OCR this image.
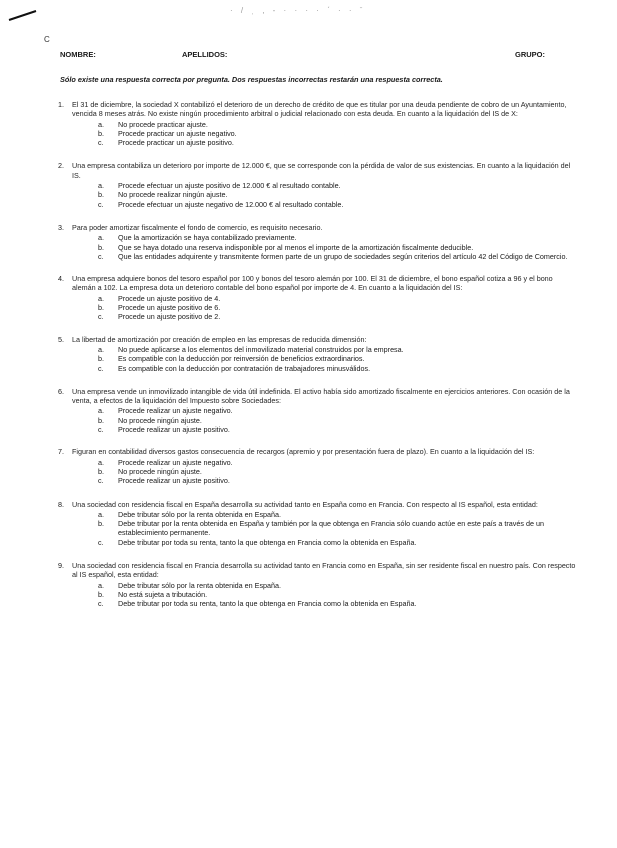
· / ˌ , - · · · · ˊ · · ˉ
C
NOMBRE:	APELLIDOS:	GRUPO:
Sólo existe una respuesta correcta por pregunta. Dos respuestas incorrectas restarán una respuesta correcta.
1. El 31 de diciembre, la sociedad X contabilizó el deterioro de un derecho de crédito de que es titular por una deuda pendiente de cobro de un Ayuntamiento, vencida 8 meses atrás. No existe ningún procedimiento arbitral o judicial relacionado con esta deuda. En cuanto a la liquidación del IS de X:
a. No procede practicar ajuste.
b. Procede practicar un ajuste negativo.
c. Procede practicar un ajuste positivo.
2. Una empresa contabiliza un deterioro por importe de 12.000 €, que se corresponde con la pérdida de valor de sus existencias. En cuanto a la liquidación del IS.
a. Procede efectuar un ajuste positivo de 12.000 € al resultado contable.
b. No procede realizar ningún ajuste.
c. Procede efectuar un ajuste negativo de 12.000 € al resultado contable.
3. Para poder amortizar fiscalmente el fondo de comercio, es requisito necesario.
a. Que la amortización se haya contabilizado previamente.
b. Que se haya dotado una reserva indisponible por al menos el importe de la amortización fiscalmente deducible.
c. Que las entidades adquirente y transmitente formen parte de un grupo de sociedades según criterios del artículo 42 del Código de Comercio.
4. Una empresa adquiere bonos del tesoro español por 100 y bonos del tesoro alemán por 100. El 31 de diciembre, el bono español cotiza a 96 y el bono alemán a 102. La empresa dota un deterioro contable del bono español por importe de 4. En cuanto a la liquidación del IS:
a. Procede un ajuste positivo de 4.
b. Procede un ajuste positivo de 6.
c. Procede un ajuste positivo de 2.
5. La libertad de amortización por creación de empleo en las empresas de reducida dimensión:
a. No puede aplicarse a los elementos del inmovilizado material construidos por la empresa.
b. Es compatible con la deducción por reinversión de beneficios extraordinarios.
c. Es compatible con la deducción por contratación de trabajadores minusválidos.
6. Una empresa vende un inmovilizado intangible de vida útil indefinida. El activo había sido amortizado fiscalmente en ejercicios anteriores. Con ocasión de la venta, a efectos de la liquidación del Impuesto sobre Sociedades:
a. Procede realizar un ajuste negativo.
b. No procede ningún ajuste.
c. Procede realizar un ajuste positivo.
7. Figuran en contabilidad diversos gastos consecuencia de recargos (apremio y por presentación fuera de plazo). En cuanto a la liquidación del IS:
a. Procede realizar un ajuste negativo.
b. No procede ningún ajuste.
c. Procede realizar un ajuste positivo.
8. Una sociedad con residencia fiscal en España desarrolla su actividad tanto en España como en Francia. Con respecto al IS español, esta entidad:
a. Debe tributar sólo por la renta obtenida en España.
b. Debe tributar por la renta obtenida en España y también por la que obtenga en Francia sólo cuando actúe en este país a través de un establecimiento permanente.
c. Debe tributar por toda su renta, tanto la que obtenga en Francia como la obtenida en España.
9. Una sociedad con residencia fiscal en Francia desarrolla su actividad tanto en Francia como en España, sin ser residente fiscal en nuestro país. Con respecto al IS español, esta entidad:
a. Debe tributar sólo por la renta obtenida en España.
b. No está sujeta a tributación.
c. Debe tributar por toda su renta, tanto la que obtenga en Francia como la obtenida en España.
